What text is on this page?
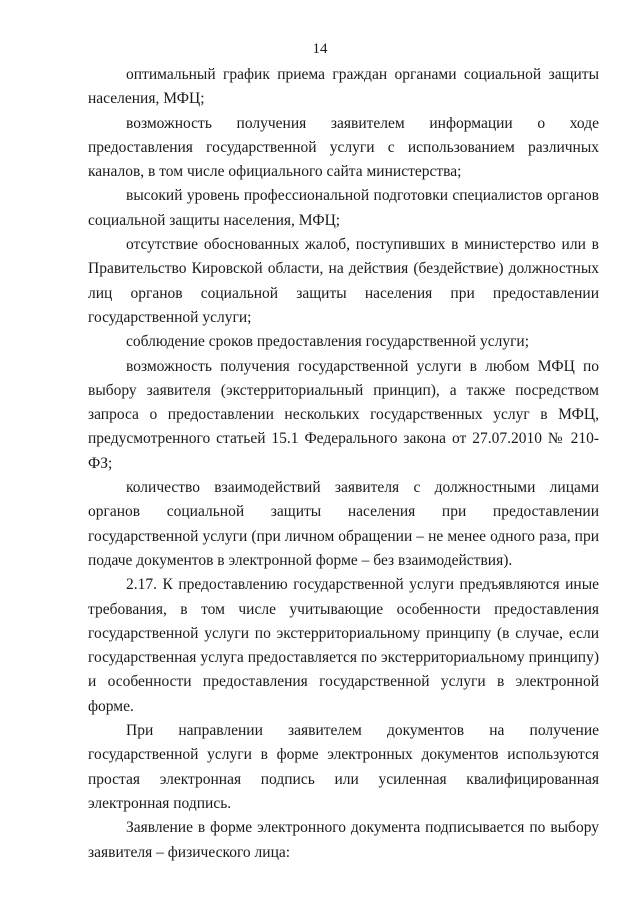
14

оптимальный график приема граждан органами социальной защиты населения, МФЦ;

возможность получения заявителем информации о ходе предоставления государственной услуги с использованием различных каналов, в том числе официального сайта министерства;

высокий уровень профессиональной подготовки специалистов органов социальной защиты населения, МФЦ;

отсутствие обоснованных жалоб, поступивших в министерство или в Правительство Кировской области, на действия (бездействие) должностных лиц органов социальной защиты населения при предоставлении государственной услуги;

соблюдение сроков предоставления государственной услуги;

возможность получения государственной услуги в любом МФЦ по выбору заявителя (экстерриториальный принцип), а также посредством запроса о предоставлении нескольких государственных услуг в МФЦ, предусмотренного статьей 15.1 Федерального закона от 27.07.2010 № 210-ФЗ;

количество взаимодействий заявителя с должностными лицами органов социальной защиты населения при предоставлении государственной услуги (при личном обращении – не менее одного раза, при подаче документов в электронной форме – без взаимодействия).

2.17. К предоставлению государственной услуги предъявляются иные требования, в том числе учитывающие особенности предоставления государственной услуги по экстерриториальному принципу (в случае, если государственная услуга предоставляется по экстерриториальному принципу) и особенности предоставления государственной услуги в электронной форме.

При направлении заявителем документов на получение государственной услуги в форме электронных документов используются простая электронная подпись или усиленная квалифицированная электронная подпись.

Заявление в форме электронного документа подписывается по выбору заявителя – физического лица:
